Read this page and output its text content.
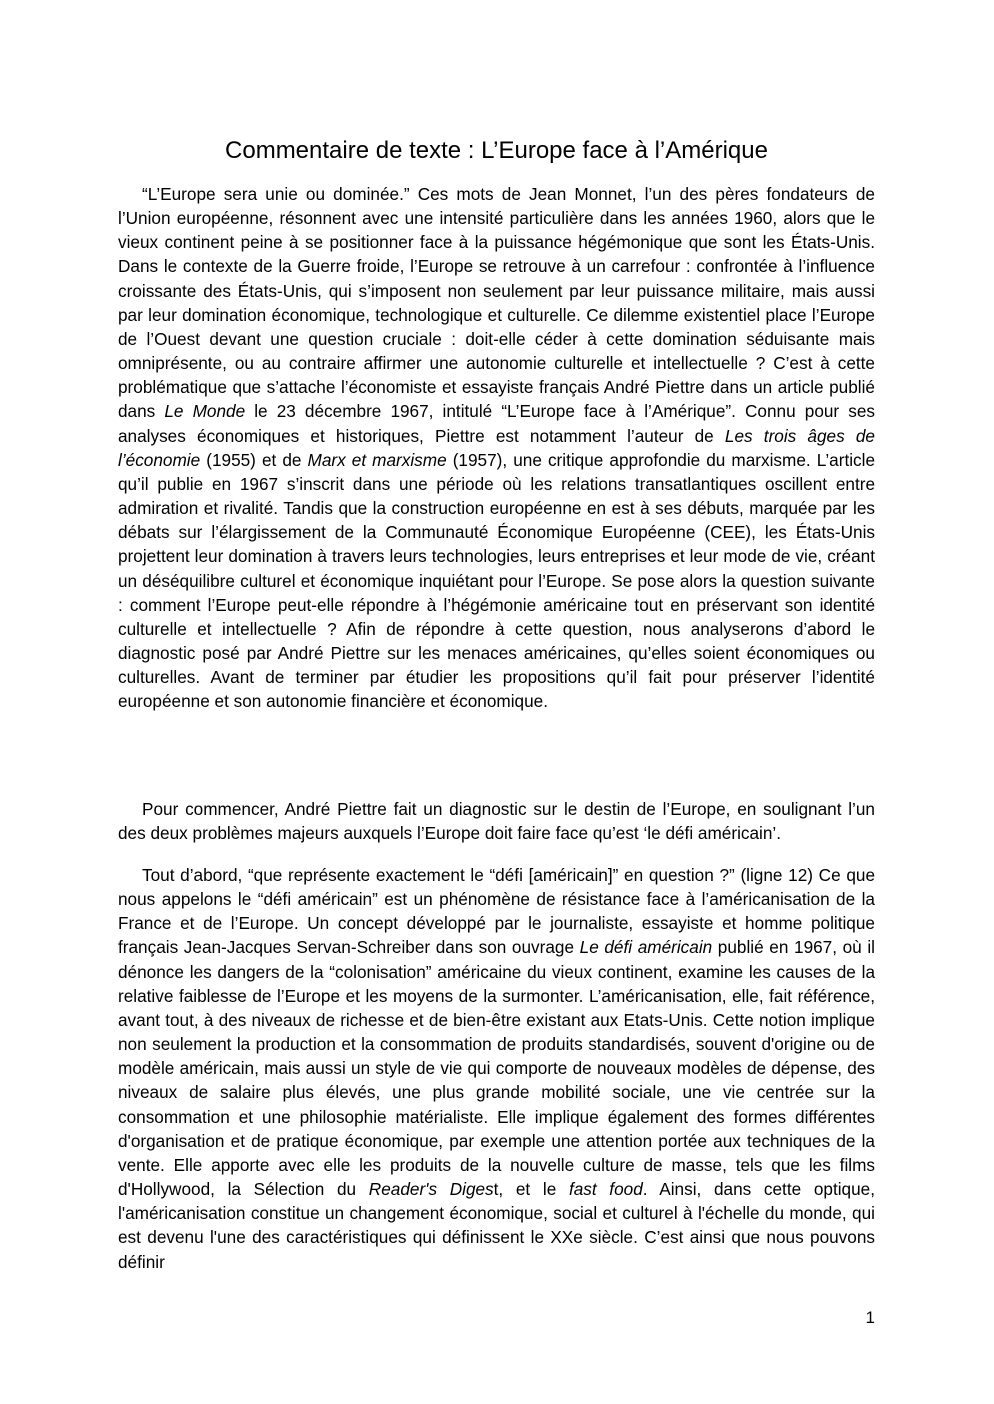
Commentaire de texte : L’Europe face à l’Amérique

“L’Europe sera unie ou dominée.” Ces mots de Jean Monnet, l’un des pères fondateurs de l’Union européenne, résonnent avec une intensité particulière dans les années 1960, alors que le vieux continent peine à se positionner face à la puissance hégémonique que sont les États-Unis. Dans le contexte de la Guerre froide, l’Europe se retrouve à un carrefour : confrontée à l’influence croissante des États-Unis, qui s’imposent non seulement par leur puissance militaire, mais aussi par leur domination économique, technologique et culturelle. Ce dilemme existentiel place l’Europe de l’Ouest devant une question cruciale : doit-elle céder à cette domination séduisante mais omniprésente, ou au contraire affirmer une autonomie culturelle et intellectuelle ? C’est à cette problématique que s’attache l’économiste et essayiste français André Piettre dans un article publié dans Le Monde le 23 décembre 1967, intitulé “L’Europe face à l’Amérique”. Connu pour ses analyses économiques et historiques, Piettre est notamment l’auteur de Les trois âges de l’économie (1955) et de Marx et marxisme (1957), une critique approfondie du marxisme. L’article qu’il publie en 1967 s’inscrit dans une période où les relations transatlantiques oscillent entre admiration et rivalité. Tandis que la construction européenne en est à ses débuts, marquée par les débats sur l’élargissement de la Communauté Économique Européenne (CEE), les États-Unis projettent leur domination à travers leurs technologies, leurs entreprises et leur mode de vie, créant un déséquilibre culturel et économique inquiétant pour l’Europe. Se pose alors la question suivante : comment l’Europe peut-elle répondre à l’hégémonie américaine tout en préservant son identité culturelle et intellectuelle ? Afin de répondre à cette question, nous analyserons d’abord le diagnostic posé par André Piettre sur les menaces américaines, qu’elles soient économiques ou culturelles. Avant de terminer par étudier les propositions qu’il fait pour préserver l’identité européenne et son autonomie financière et économique.

Pour commencer, André Piettre fait un diagnostic sur le destin de l’Europe, en soulignant l’un des deux problèmes majeurs auxquels l’Europe doit faire face qu’est ‘le défi américain’.

Tout d’abord, “que représente exactement le “défi [américain]” en question ?” (ligne 12) Ce que nous appelons le “défi américain” est un phénomène de résistance face à l’américanisation de la France et de l’Europe. Un concept développé par le journaliste, essayiste et homme politique français Jean-Jacques Servan-Schreiber dans son ouvrage Le défi américain publié en 1967, où il dénonce les dangers de la “colonisation” américaine du vieux continent, examine les causes de la relative faiblesse de l’Europe et les moyens de la surmonter. L’américanisation, elle, fait référence, avant tout, à des niveaux de richesse et de bien-être existant aux Etats-Unis. Cette notion implique non seulement la production et la consommation de produits standardisés, souvent d'origine ou de modèle américain, mais aussi un style de vie qui comporte de nouveaux modèles de dépense, des niveaux de salaire plus élevés, une plus grande mobilité sociale, une vie centrée sur la consommation et une philosophie matérialiste. Elle implique également des formes différentes d'organisation et de pratique économique, par exemple une attention portée aux techniques de la vente. Elle apporte avec elle les produits de la nouvelle culture de masse, tels que les films d'Hollywood, la Sélection du Reader's Digest, et le fast food. Ainsi, dans cette optique, l'américanisation constitue un changement économique, social et culturel à l'échelle du monde, qui est devenu l'une des caractéristiques qui définissent le XXe siècle. C’est ainsi que nous pouvons définir

1
